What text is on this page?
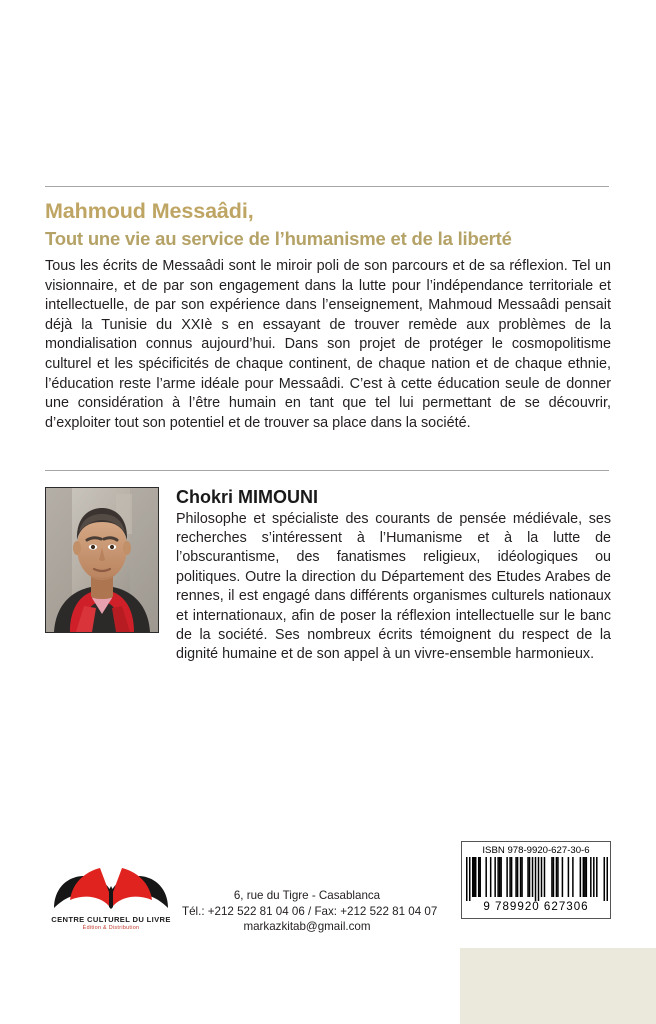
Mahmoud Messaâdi,
Tout une vie au service de l’humanisme et de la liberté

Tous les écrits de Messaâdi sont le miroir poli de son parcours et de sa réflexion. Tel un visionnaire, et de par son engagement dans la lutte pour l’indépendance territoriale et intellectuelle, de par son expérience dans l’enseignement, Mahmoud Messaâdi pensait déjà la Tunisie du XXIè s en essayant de trouver remède aux problèmes de la mondialisation connus aujourd’hui. Dans son projet de protéger le cosmopolitisme culturel et les spécificités de chaque continent, de chaque nation et de chaque ethnie, l’éducation reste l’arme idéale pour Messaâdi. C’est à cette éducation seule de donner une considération à l’être humain en tant que tel lui permettant de se découvrir, d’exploiter tout son potentiel et de trouver sa place dans la société.

Chokri MIMOUNI

Philosophe et spécialiste des courants de pensée médiévale, ses recherches s’intéressent à l’Humanisme et à la lutte de l’obscurantisme, des fanatismes religieux, idéologiques ou politiques. Outre la direction du Département des Etudes Arabes de rennes, il est engagé dans différents organismes culturels nationaux et internationaux, afin de poser la réflexion intellectuelle sur le banc de la société. Ses nombreux écrits témoignent du respect de la dignité humaine et de son appel à un vivre-ensemble harmonieux.

CENTRE CULTUREL DU LIVRE
Édition & Distribution
6, rue du Tigre - Casablanca
Tél.: +212 522 81 04 06 / Fax: +212 522 81 04 07
markazkitab@gmail.com
ISBN 978-9920-627-30-6
9 789920 627306
